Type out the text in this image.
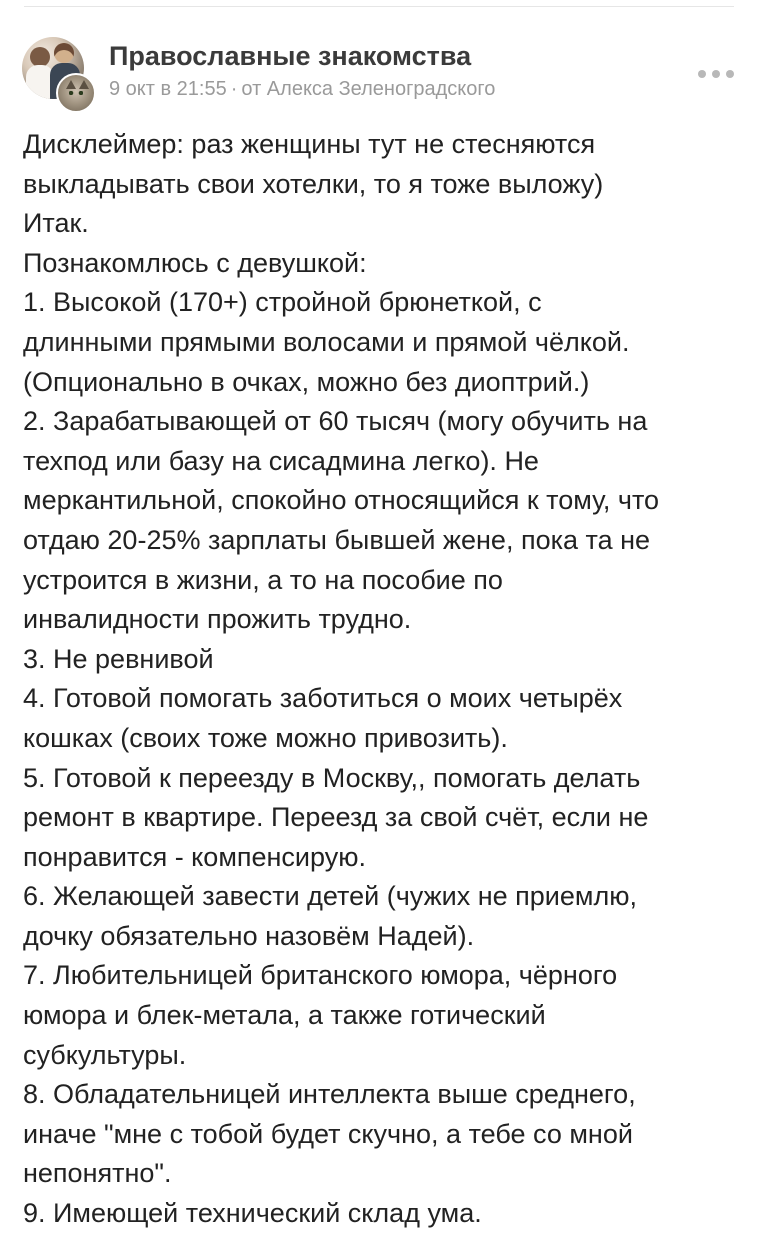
Православные знакомства
9 окт в 21:55 · от Алекса Зеленоградского
Дисклеймер: раз женщины тут не стесняются
выкладывать свои хотелки, то я тоже выложу)
Итак.
Познакомлюсь с девушкой:
1. Высокой (170+) стройной брюнеткой, с
длинными прямыми волосами и прямой чёлкой.
(Опционально в очках, можно без диоптрий.)
2. Зарабатывающей от 60 тысяч (могу обучить на
техпод или базу на сисадмина легко). Не
меркантильной, спокойно относящийся к тому, что
отдаю 20-25% зарплаты бывшей жене, пока та не
устроится в жизни, а то на пособие по
инвалидности прожить трудно.
3. Не ревнивой
4. Готовой помогать заботиться о моих четырёх
кошках (своих тоже можно привозить).
5. Готовой к переезду в Москву,, помогать делать
ремонт в квартире. Переезд за свой счёт, если не
понравится - компенсирую.
6. Желающей завести детей (чужих не приемлю,
дочку обязательно назовём Надей).
7. Любительницей британского юмора, чёрного
юмора и блек-метала, а также готический
субкультуры.
8. Обладательницей интеллекта выше среднего,
иначе "мне с тобой будет скучно, а тебе со мной
непонятно".
9. Имеющей технический склад ума.
